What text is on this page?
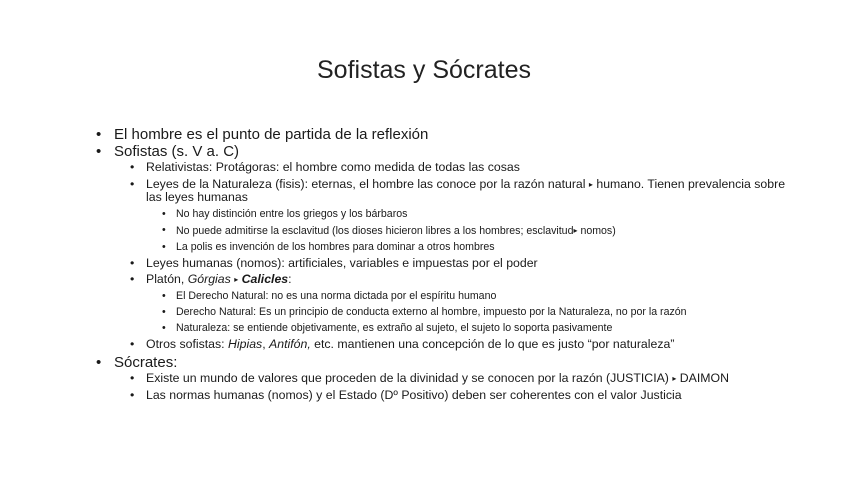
Sofistas y Sócrates
• El hombre es el punto de partida de la reflexión
• Sofistas (s. V a. C)
• Relativistas: Protágoras: el hombre como medida de todas las cosas
• Leyes de la Naturaleza (fisis): eternas, el hombre las conoce por la razón natural ▸ humano. Tienen prevalencia sobre las leyes humanas
• No hay distinción entre los griegos y los bárbaros
• No puede admitirse la esclavitud (los dioses hicieron libres a los hombres; esclavitud▸ nomos)
• La polis es invención de los hombres para dominar a otros hombres
• Leyes humanas (nomos): artificiales, variables e impuestas por el poder
• Platón, Górgias ▸ Calicles:
• El Derecho Natural: no es una norma dictada por el espíritu humano
• Derecho Natural: Es un principio de conducta externo al hombre, impuesto por la Naturaleza, no por la razón
• Naturaleza: se entiende objetivamente, es extraño al sujeto, el sujeto lo soporta pasivamente
• Otros sofistas: Hipias, Antifón, etc. mantienen una concepción de lo que es justo “por naturaleza”
• Sócrates:
• Existe un mundo de valores que proceden de la divinidad y se conocen por la razón (JUSTICIA) ▸ DAIMON
• Las normas humanas (nomos) y el Estado (Dº Positivo) deben ser coherentes con el valor Justicia
